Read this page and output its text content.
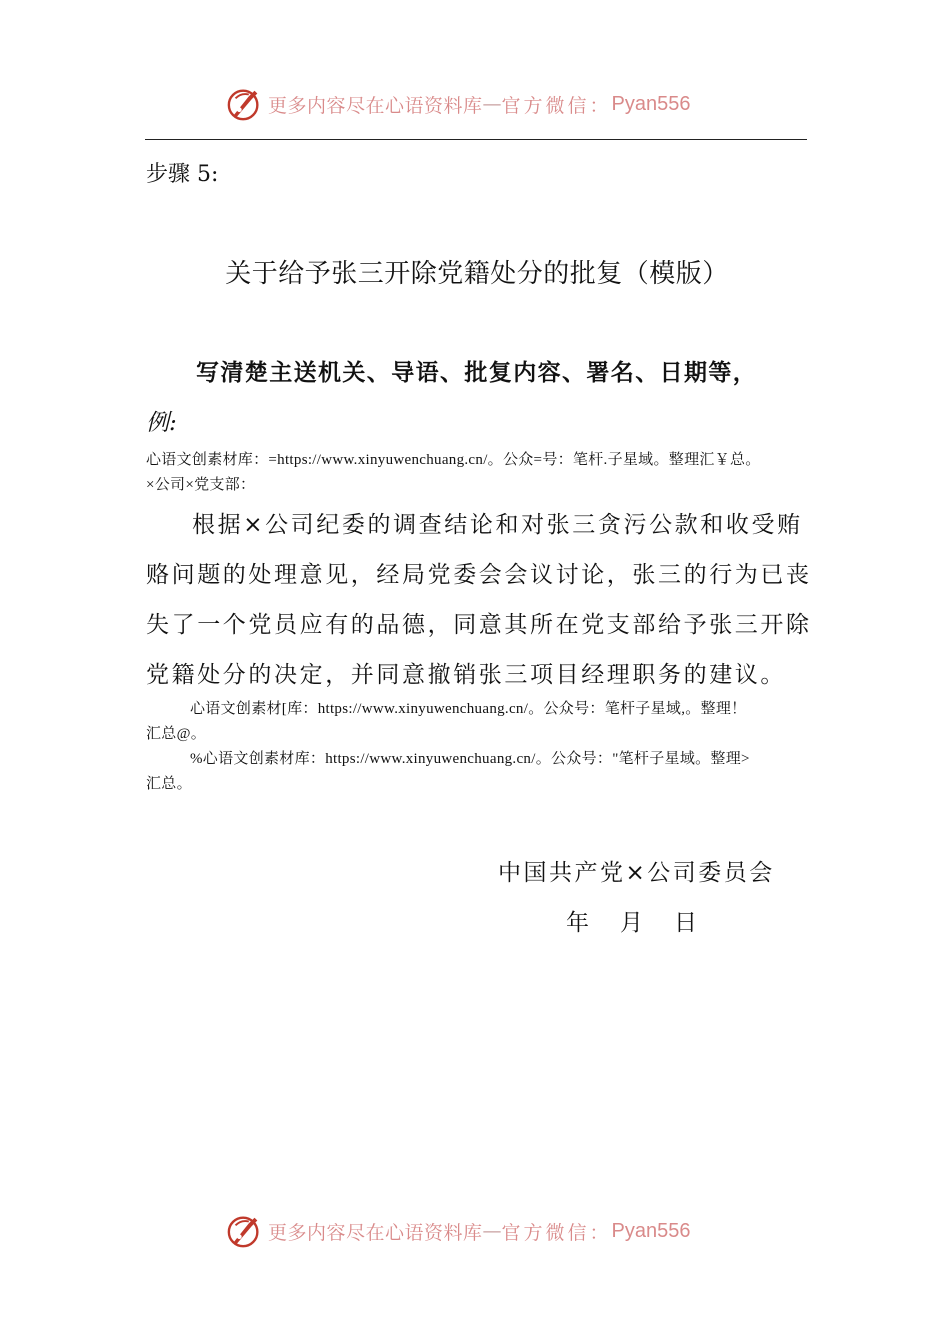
更多内容尽在心语资料库 — 官方微信： Pyan556
步骤 5:
关于给予张三开除党籍处分的批复（模版）
写清楚主送机关、导语、批复内容、署名、日期等，
例:
心语文创素材库：=https://www.xinyuwenchuang.cn/。公众=号：笔杆.子星域。整理汇￥总。
×公司×党支部：
根据×公司纪委的调查结论和对张三贪污公款和收受贿
赂问题的处理意见，经局党委会会议讨论，张三的行为已丧
失了一个党员应有的品德，同意其所在党支部给予张三开除
党籍处分的决定，并同意撤销张三项目经理职务的建议。
心语文创素材[库：https://www.xinyuwenchuang.cn/。公众号：笔杆子星域,。整理！
汇总@。
%心语文创素材库：https://www.xinyuwenchuang.cn/。公众号："笔杆子星域。整理>
汇总。
中国共产党×公司委员会
年　月　日
更多内容尽在心语资料库 — 官方微信： Pyan556
